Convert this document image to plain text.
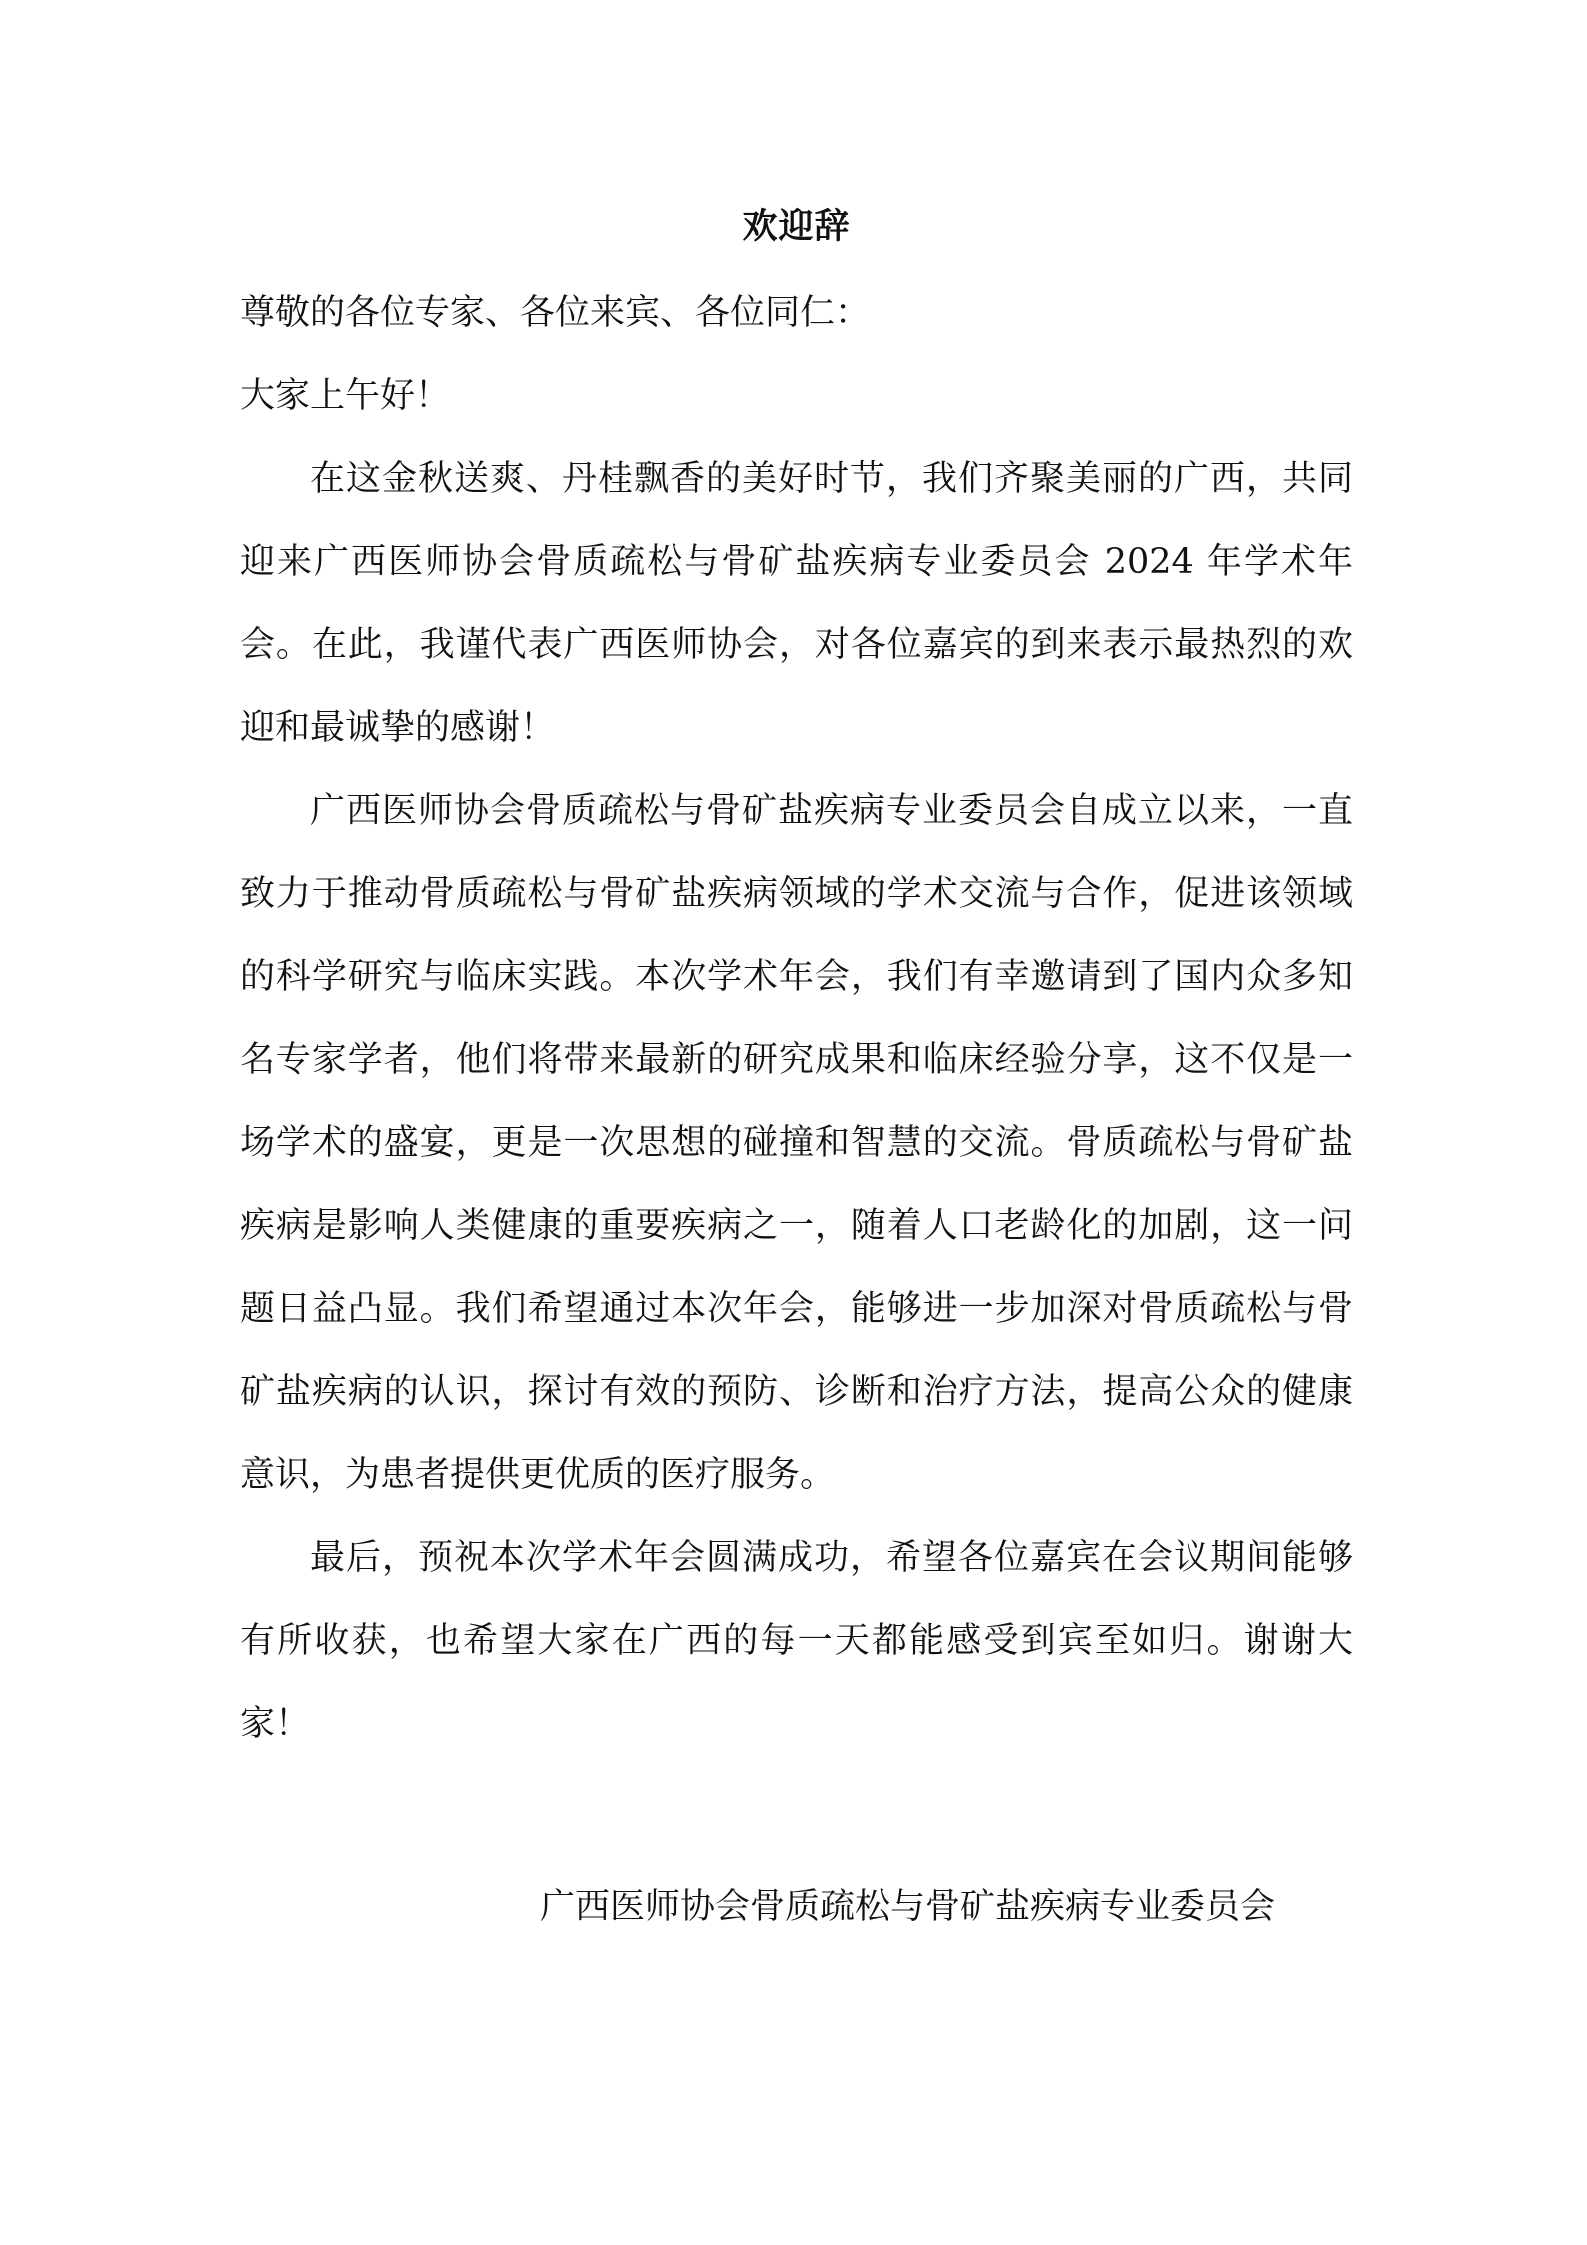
欢迎辞

尊敬的各位专家、各位来宾、各位同仁：

大家上午好！

在这金秋送爽、丹桂飘香的美好时节，我们齐聚美丽的广西，共同迎来广西医师协会骨质疏松与骨矿盐疾病专业委员会 2024 年学术年会。在此，我谨代表广西医师协会，对各位嘉宾的到来表示最热烈的欢迎和最诚挚的感谢！

广西医师协会骨质疏松与骨矿盐疾病专业委员会自成立以来，一直致力于推动骨质疏松与骨矿盐疾病领域的学术交流与合作，促进该领域的科学研究与临床实践。本次学术年会，我们有幸邀请到了国内众多知名专家学者，他们将带来最新的研究成果和临床经验分享，这不仅是一场学术的盛宴，更是一次思想的碰撞和智慧的交流。骨质疏松与骨矿盐疾病是影响人类健康的重要疾病之一，随着人口老龄化的加剧，这一问题日益凸显。我们希望通过本次年会，能够进一步加深对骨质疏松与骨矿盐疾病的认识，探讨有效的预防、诊断和治疗方法，提高公众的健康意识，为患者提供更优质的医疗服务。

最后，预祝本次学术年会圆满成功，希望各位嘉宾在会议期间能够有所收获，也希望大家在广西的每一天都能感受到宾至如归。谢谢大家！

广西医师协会骨质疏松与骨矿盐疾病专业委员会
